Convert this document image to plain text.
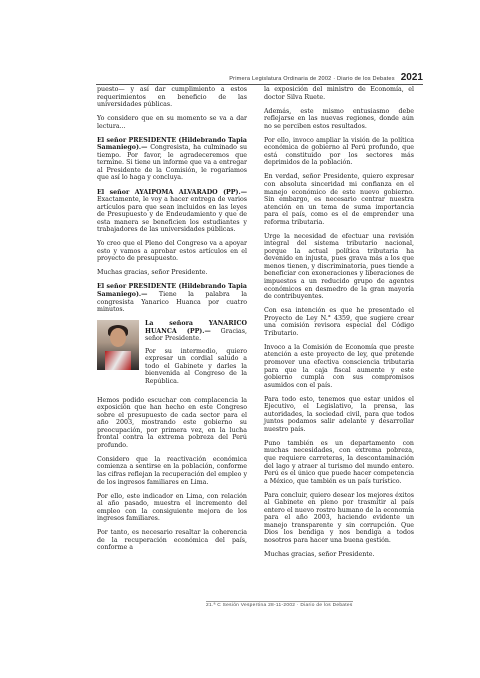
Primera Legislatura Ordinaria de 2002 · Diario de los Debates 2021

puesto— y así dar cumplimiento a estos requerimientos en beneficio de las universidades públicas.

Yo considero que en su momento se va a dar lectura...

El señor PRESIDENTE (Hildebrando Tapia Samaniego).— Congresista, ha culminado su tiempo. Por favor, le agradeceremos que termine. Si tiene un informe que va a entregar al Presidente de la Comisión, le rogaríamos que así lo haga y concluya.

El señor AYAIPOMA ALVARADO (PP).— Exactamente, le voy a hacer entrega de varios artículos para que sean incluidos en las leyes de Presupuesto y de Endeudamiento y que de esta manera se beneficien los estudiantes y trabajadores de las universidades públicas.

Yo creo que el Pleno del Congreso va a apoyar esto y vamos a aprobar estos artículos en el proyecto de presupuesto.

Muchas gracias, señor Presidente.

El señor PRESIDENTE (Hildebrando Tapia Samaniego).— Tiene la palabra la congresista Yanarico Huanca por cuatro minutos.

La señora YANARICO HUANCA (PP).— Gracias, señor Presidente.

Por su intermedio, quiero expresar un cordial saludo a todo el Gabinete y darles la bienvenida al Congreso de la República.

Hemos podido escuchar con complacencia la exposición que han hecho en este Congreso sobre el presupuesto de cada sector para el año 2003, mostrando este gobierno su preocupación, por primera vez, en la lucha frontal contra la extrema pobreza del Perú profundo.

Considero que la reactivación económica comienza a sentirse en la población, conforme las cifras reflejan la recuperación del empleo y de los ingresos familiares en Lima.

Por ello, este indicador en Lima, con relación al año pasado, muestra el incremento del empleo con la consiguiente mejora de los ingresos familiares.

Por tanto, es necesario resaltar la coherencia de la recuperación económica del país, conforme a

la exposición del ministro de Economía, el doctor Silva Ruete.

Además, este mismo entusiasmo debe reflejarse en las nuevas regiones, donde aún no se perciben estos resultados.

Por ello, invoco ampliar la visión de la política económica de gobierno al Perú profundo, que está constituido por los sectores más deprimidos de la población.

En verdad, señor Presidente, quiero expresar con absoluta sinceridad mi confianza en el manejo económico de este nuevo gobierno. Sin embargo, es necesario centrar nuestra atención en un tema de suma importancia para el país, como es el de emprender una reforma tributaria.

Urge la necesidad de efectuar una revisión integral del sistema tributario nacional, porque la actual política tributaria ha devenido en injusta, pues grava más a los que menos tienen, y discriminatoria, pues tiende a beneficiar con exoneraciones y liberaciones de impuestos a un reducido grupo de agentes económicos en desmedro de la gran mayoría de contribuyentes.

Con esa intención es que he presentado el Proyecto de Ley N.° 4359, que sugiere crear una comisión revisora especial del Código Tributario.

Invoco a la Comisión de Economía que preste atención a este proyecto de ley, que pretende promover una efectiva consciencia tributaria para que la caja fiscal aumente y este gobierno cumpla con sus compromisos asumidos con el país.

Para todo esto, tenemos que estar unidos el Ejecutivo, el Legislativo, la prensa, las autoridades, la sociedad civil, para que todos juntos podamos salir adelante y desarrollar nuestro país.

Puno también es un departamento con muchas necesidades, con extrema pobreza, que requiere carreteras, la descontaminación del lago y atraer al turismo del mundo entero. Perú es el único que puede hacer competencia a México, que también es un país turístico.

Para concluir, quiero desear los mejores éxitos al Gabinete en pleno por trasmitir al país entero el nuevo rostro humano de la economía para el año 2003, haciendo evidente un manejo transparente y sin corrupción. Que Dios los bendiga y nos bendiga a todos nosotros para hacer una buena gestión.

Muchas gracias, señor Presidente.

21.ª C Sesión Vespertina 28-11-2002 · Diario de los Debates
